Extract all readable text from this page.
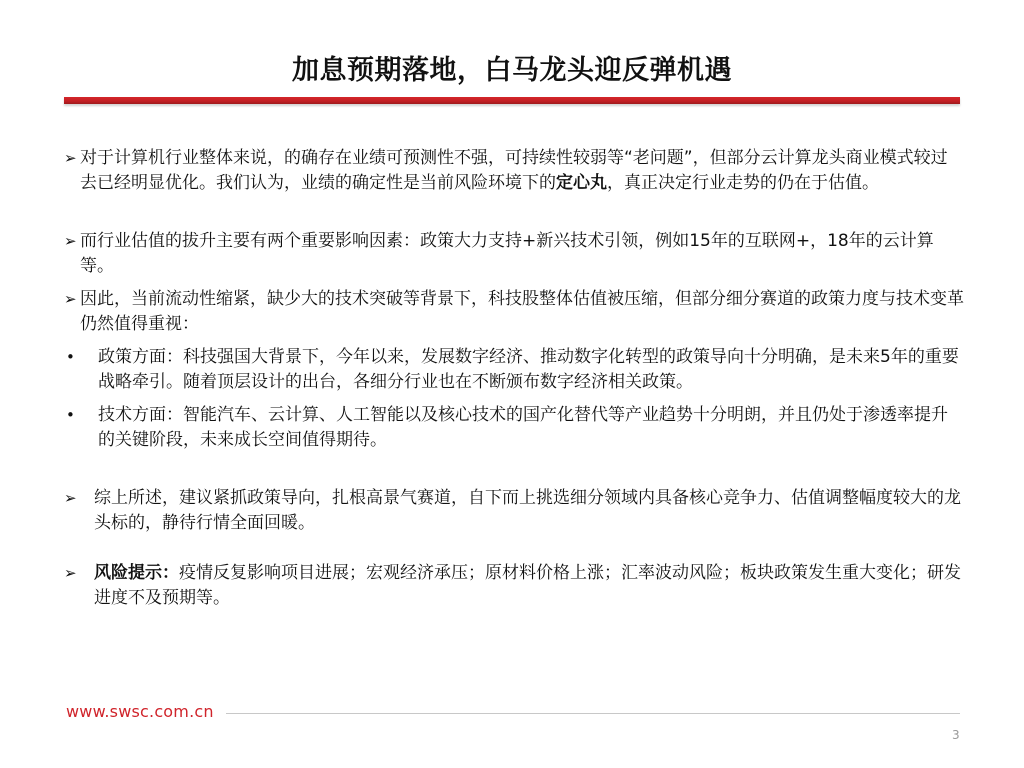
加息预期落地，白马龙头迎反弹机遇
➢ 对于计算机行业整体来说，的确存在业绩可预测性不强，可持续性较弱等“老问题”，但部分云计算龙头商业模式较过去已经明显优化。我们认为，业绩的确定性是当前风险环境下的定心丸，真正决定行业走势的仍在于估值。
➢ 而行业估值的拔升主要有两个重要影响因素：政策大力支持+新兴技术引领，例如15年的互联网+，18年的云计算等。
➢ 因此，当前流动性缩紧，缺少大的技术突破等背景下，科技股整体估值被压缩，但部分细分赛道的政策力度与技术变革仍然值得重视：
•	政策方面：科技强国大背景下，今年以来，发展数字经济、推动数字化转型的政策导向十分明确，是未来5年的重要战略牵引。随着顶层设计的出台，各细分行业也在不断颁布数字经济相关政策。
•	技术方面：智能汽车、云计算、人工智能以及核心技术的国产化替代等产业趋势十分明朗，并且仍处于渗透率提升的关键阶段，未来成长空间值得期待。
➢	综上所述，建议紧抓政策导向，扎根高景气赛道，自下而上挑选细分领域内具备核心竞争力、估值调整幅度较大的龙头标的，静待行情全面回暖。
➢	风险提示：疫情反复影响项目进展；宏观经济承压；原材料价格上涨；汇率波动风险；板块政策发生重大变化；研发进度不及预期等。
www.swsc.com.cn
3
